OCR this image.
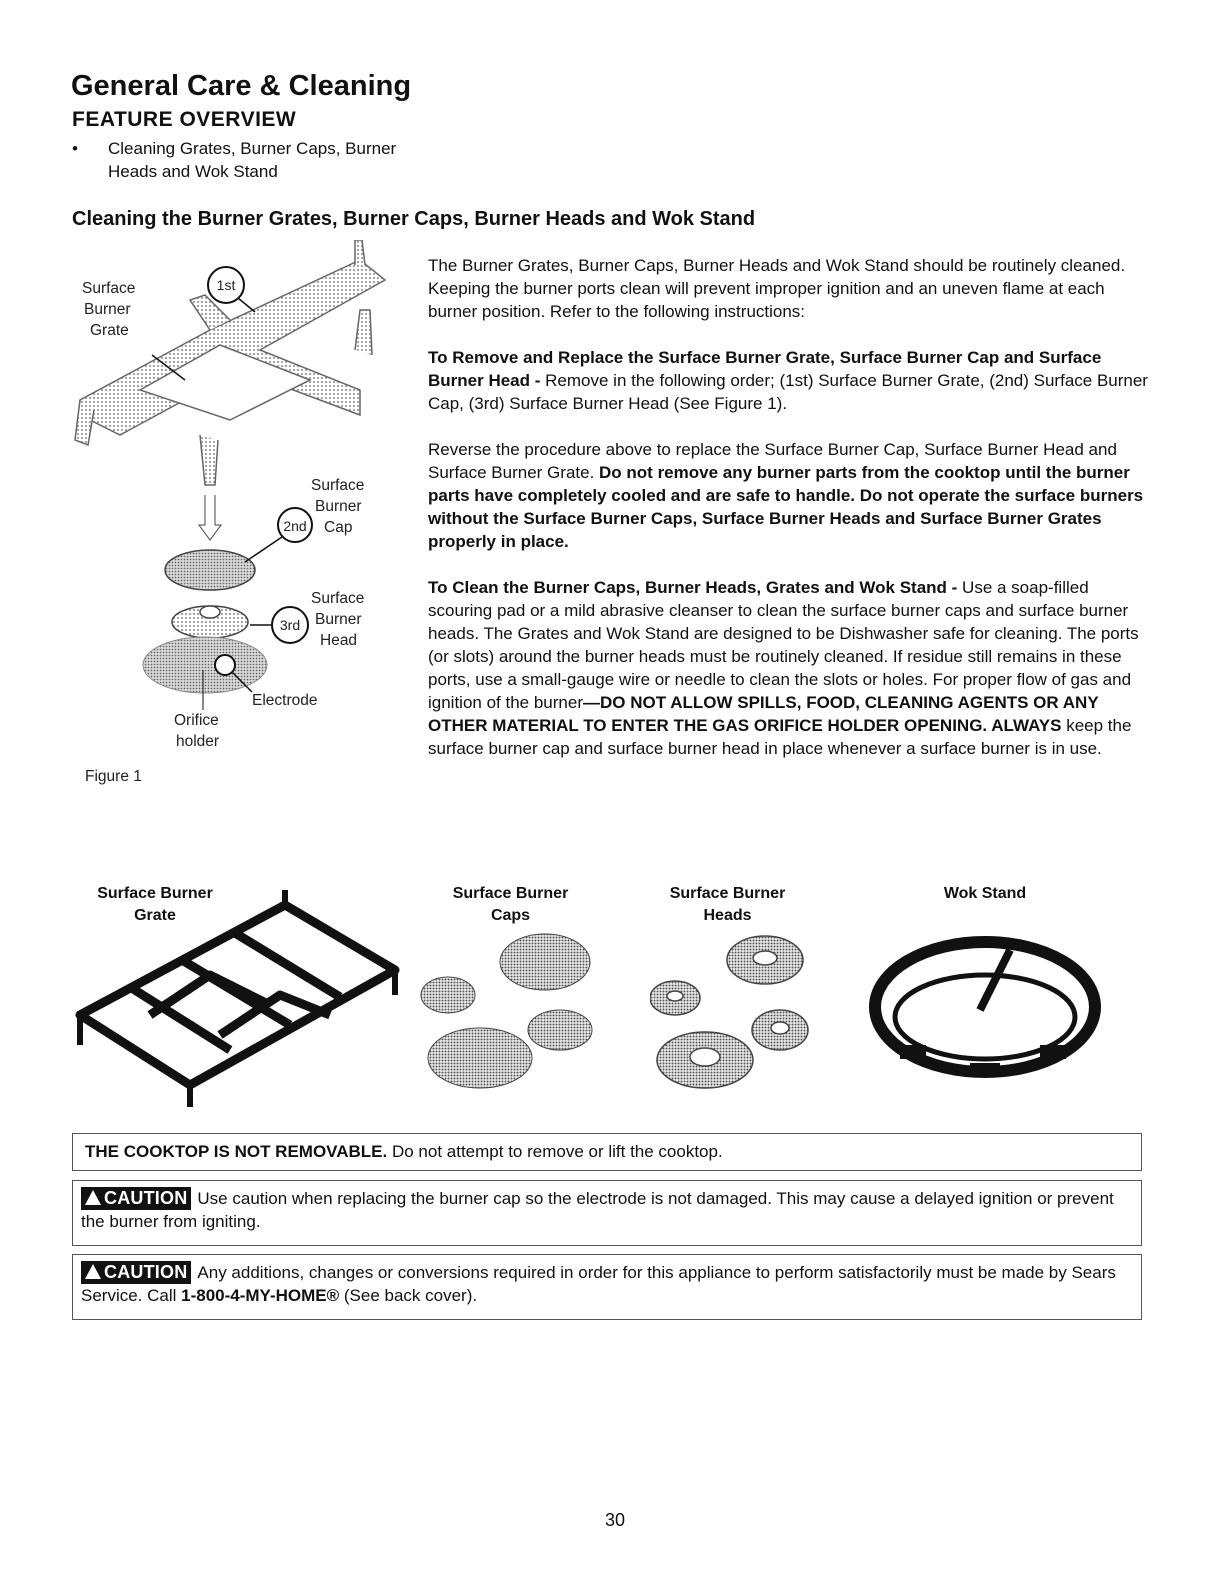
General Care & Cleaning
FEATURE OVERVIEW
• Cleaning Grates, Burner Caps, Burner
Heads and Wok Stand
Cleaning the Burner Grates, Burner Caps, Burner Heads and Wok Stand
Surface
Burner
Grate
1st
Surface
Burner
Cap
2nd
Surface
Burner
Head
3rd
Electrode
Orifice
holder
Figure 1

The Burner Grates, Burner Caps, Burner Heads and Wok Stand should be routinely cleaned. Keeping the burner ports clean will prevent improper ignition and an uneven flame at each burner position. Refer to the following instructions:

To Remove and Replace the Surface Burner Grate, Surface Burner Cap and Surface Burner Head - Remove in the following order; (1st) Surface Burner Grate, (2nd) Surface Burner Cap, (3rd) Surface Burner Head (See Figure 1).

Reverse the procedure above to replace the Surface Burner Cap, Surface Burner Head and Surface Burner Grate. Do not remove any burner parts from the cooktop until the burner parts have completely cooled and are safe to handle. Do not operate the surface burners without the Surface Burner Caps, Surface Burner Heads and Surface Burner Grates properly in place.

To Clean the Burner Caps, Burner Heads, Grates and Wok Stand - Use a soap-filled scouring pad or a mild abrasive cleanser to clean the surface burner caps and surface burner heads. The Grates and Wok Stand are designed to be Dishwasher safe for cleaning. The ports (or slots) around the burner heads must be routinely cleaned. If residue still remains in these ports, use a small-gauge wire or needle to clean the slots or holes. For proper flow of gas and ignition of the burner—DO NOT ALLOW SPILLS, FOOD, CLEANING AGENTS OR ANY OTHER MATERIAL TO ENTER THE GAS ORIFICE HOLDER OPENING. ALWAYS keep the surface burner cap and surface burner head in place whenever a surface burner is in use.

Surface Burner
Grate
Surface Burner
Caps
Surface Burner
Heads
Wok Stand
THE COOKTOP IS NOT REMOVABLE. Do not attempt to remove or lift the cooktop.
CAUTION Use caution when replacing the burner cap so the electrode is not damaged. This may cause a delayed ignition or prevent the burner from igniting.
CAUTION Any additions, changes or conversions required in order for this appliance to perform satisfactorily must be made by Sears Service. Call 1-800-4-MY-HOME® (See back cover).
30
